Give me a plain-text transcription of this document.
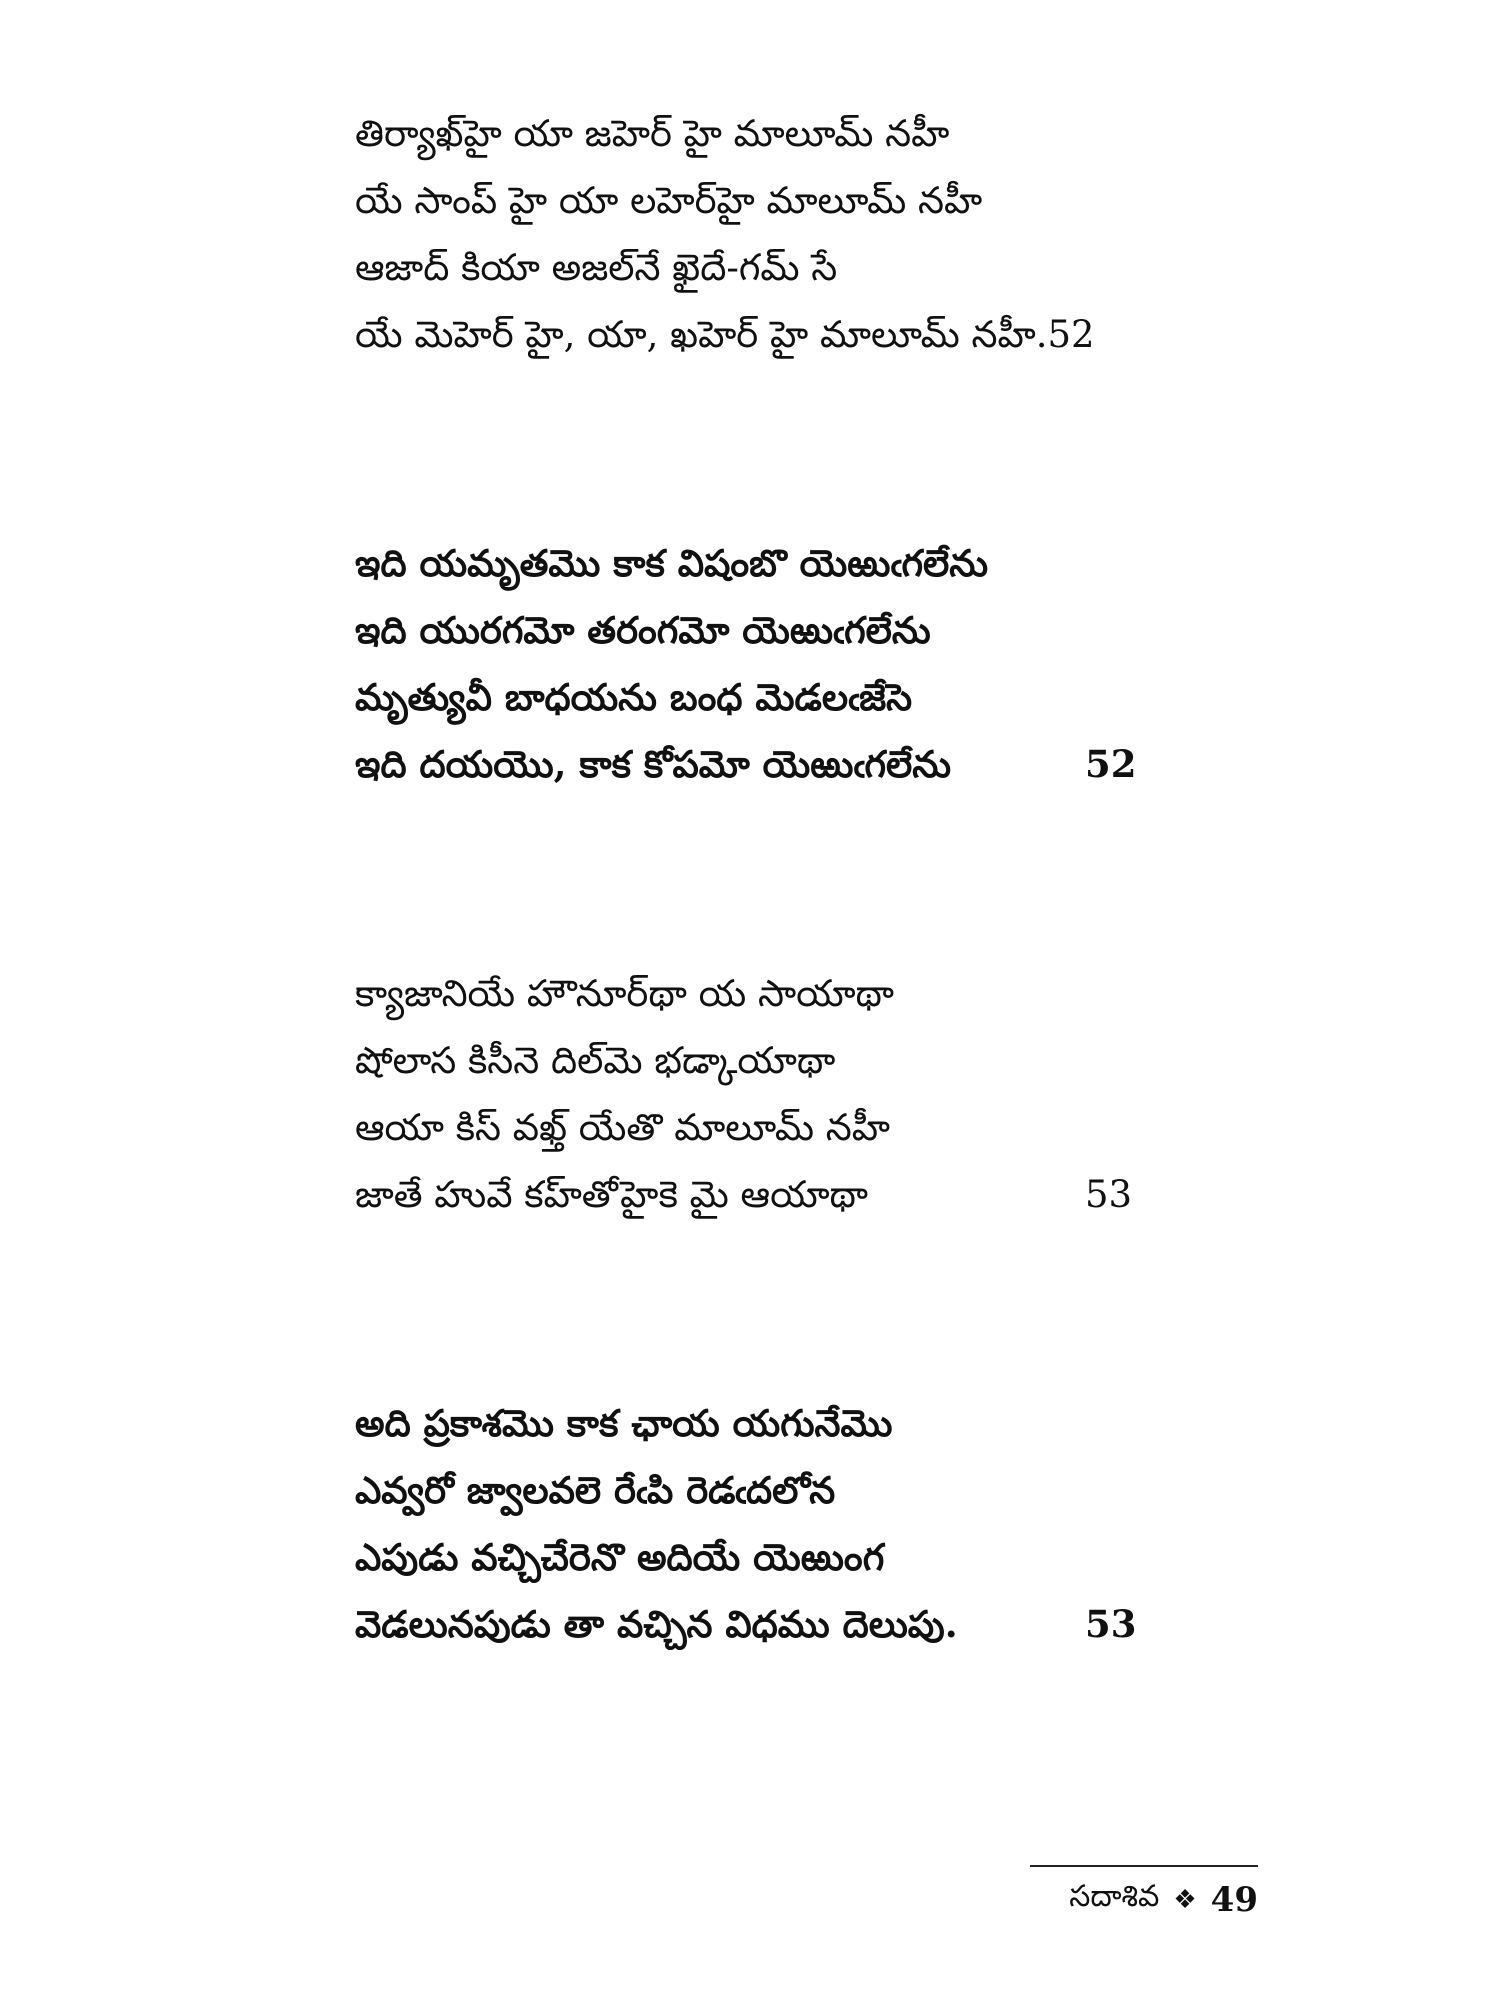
తిర్యాఖ్‌హై యా జహెర్ హై మాలూమ్ నహీ
యే సాంప్ హై యా లహెర్‌హై మాలూమ్ నహీ
ఆజాద్ కియా అజల్‌నే ఖైదే-గమ్ సే
యే మెహెర్ హై, యా, ఖహెర్ హై మాలూమ్ నహీ.52
ఇది యమృతమొ కాక విషంబొ యెఱుఁగలేను
ఇది యురగమో తరంగమో యెఱుఁగలేను
మృత్యువీ బాధయను బంధ మెడలఁజేసె
ఇది దయయొ, కాక కోపమో యెఱుఁగలేను	52
క్యాజానియే హౌనూర్‌థా య సాయాథా
షోలాస కిసీనె దిల్‌మె భడ్కాయాథా
ఆయా కిస్ వఖ్త్ యేతొ మాలూమ్ నహీ
జాతే హువే కహ్‌తోహైకె మై ఆయాథా	53
అది ప్రకాశమొ కాక ఛాయ యగునేమొ
ఎవ్వరో జ్వాలవలె రేఁపి రెడఁదలోన
ఎపుడు వచ్చిచేరెనొ అదియే యెఱుంగ
వెడలునపుడు తా వచ్చిన విధము దెలుపు.	53
సదాశివ ❖ 49
